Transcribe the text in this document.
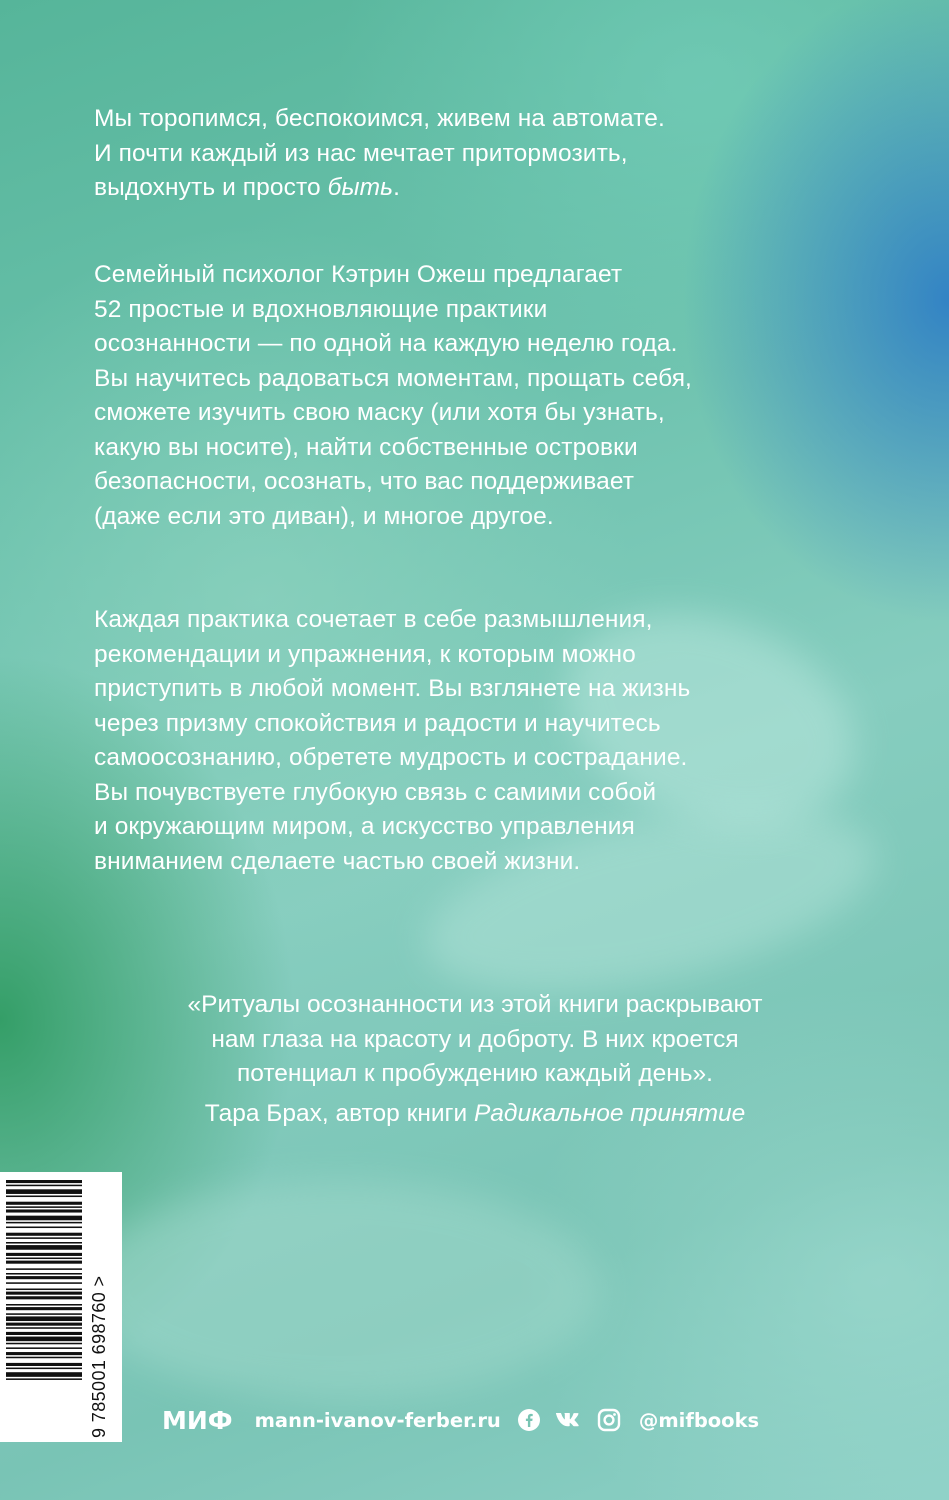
Мы торопимся, беспокоимся, живем на автомате.
И почти каждый из нас мечтает притормозить,
выдохнуть и просто быть.

Семейный психолог Кэтрин Ожеш предлагает
52 простые и вдохновляющие практики
осознанности — по одной на каждую неделю года.
Вы научитесь радоваться моментам, прощать себя,
сможете изучить свою маску (или хотя бы узнать,
какую вы носите), найти собственные островки
безопасности, осознать, что вас поддерживает
(даже если это диван), и многое другое.

Каждая практика сочетает в себе размышления,
рекомендации и упражнения, к которым можно
приступить в любой момент. Вы взглянете на жизнь
через призму спокойствия и радости и научитесь
самоосознанию, обретете мудрость и сострадание.
Вы почувствуете глубокую связь с самими собой
и окружающим миром, а искусство управления
вниманием сделаете частью своей жизни.

«Ритуалы осознанности из этой книги раскрывают
нам глаза на красоту и доброту. В них кроется
потенциал к пробуждению каждый день».
Тара Брах, автор книги Радикальное принятие
9 785001 698760 > МИФ mann-ivanov-ferber.ru	@mifbooks
